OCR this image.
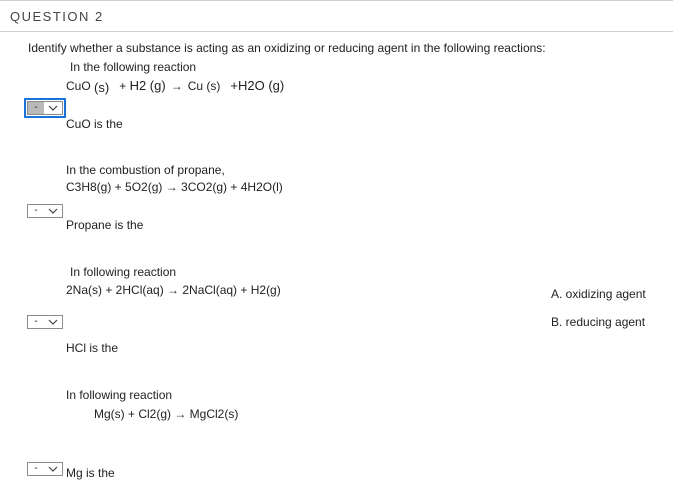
QUESTION 2
Identify whether a substance is acting as an oxidizing or reducing agent in the following reactions:
In the following reaction
CuO (s) + H2 (g) → Cu (s) +H2O (g)
-
CuO is the
In the combustion of propane,
C3H8(g) + 5O2(g) → 3CO2(g) + 4H2O(l)
-
Propane is the
In following reaction
2Na(s) + 2HCl(aq) → 2NaCl(aq) + H2(g)
-
HCl is the
In following reaction
Mg(s) + Cl2(g) → MgCl2(s)
-	Mg is the
A. oxidizing agent
B. reducing agent
